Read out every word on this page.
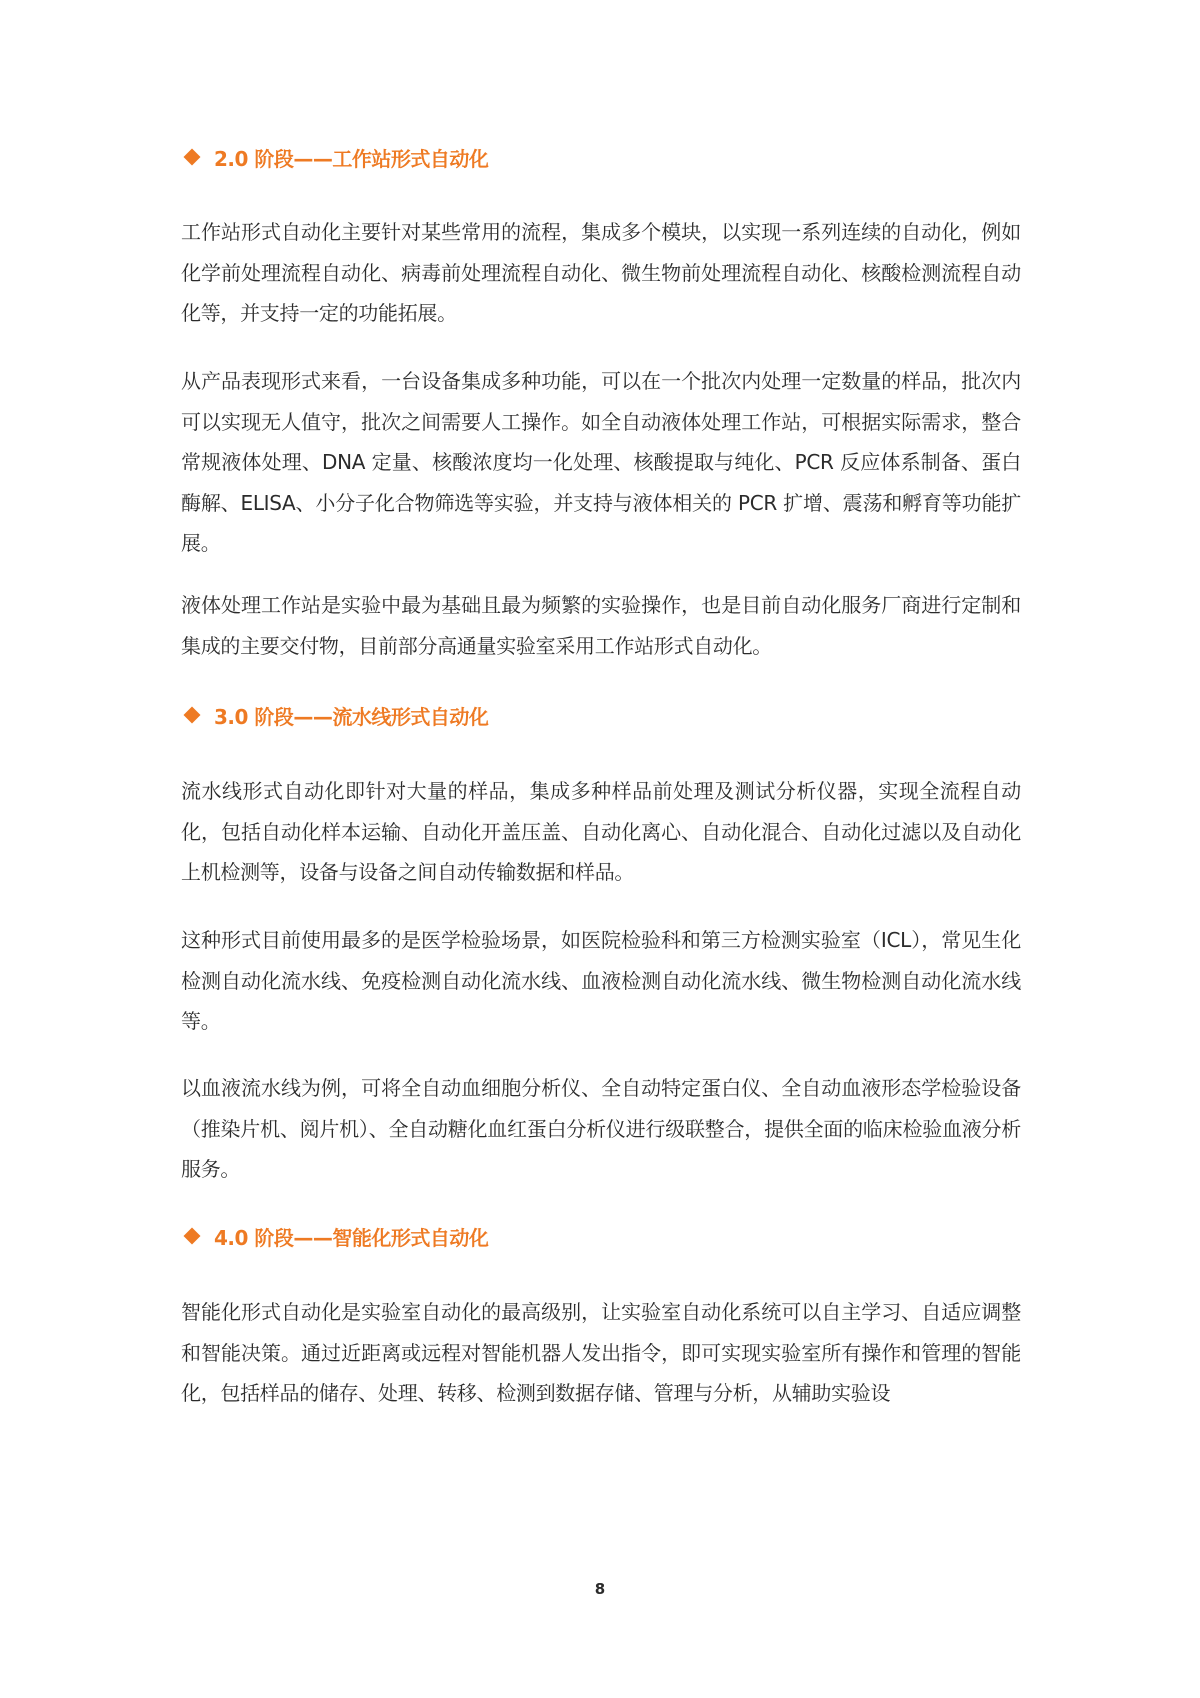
2.0 阶段——工作站形式自动化

工作站形式自动化主要针对某些常用的流程，集成多个模块，以实现一系列连续的自动化，例如化学前处理流程自动化、病毒前处理流程自动化、微生物前处理流程自动化、核酸检测流程自动化等，并支持一定的功能拓展。

从产品表现形式来看，一台设备集成多种功能，可以在一个批次内处理一定数量的样品，批次内可以实现无人值守，批次之间需要人工操作。如全自动液体处理工作站，可根据实际需求，整合常规液体处理、DNA 定量、核酸浓度均一化处理、核酸提取与纯化、PCR 反应体系制备、蛋白酶解、ELISA、小分子化合物筛选等实验，并支持与液体相关的 PCR 扩增、震荡和孵育等功能扩展。

液体处理工作站是实验中最为基础且最为频繁的实验操作，也是目前自动化服务厂商进行定制和集成的主要交付物，目前部分高通量实验室采用工作站形式自动化。

3.0 阶段——流水线形式自动化

流水线形式自动化即针对大量的样品，集成多种样品前处理及测试分析仪器，实现全流程自动化，包括自动化样本运输、自动化开盖压盖、自动化离心、自动化混合、自动化过滤以及自动化上机检测等，设备与设备之间自动传输数据和样品。

这种形式目前使用最多的是医学检验场景，如医院检验科和第三方检测实验室（ICL），常见生化检测自动化流水线、免疫检测自动化流水线、血液检测自动化流水线、微生物检测自动化流水线等。

以血液流水线为例，可将全自动血细胞分析仪、全自动特定蛋白仪、全自动血液形态学检验设备（推染片机、阅片机）、全自动糖化血红蛋白分析仪进行级联整合，提供全面的临床检验血液分析服务。

4.0 阶段——智能化形式自动化

智能化形式自动化是实验室自动化的最高级别，让实验室自动化系统可以自主学习、自适应调整和智能决策。通过近距离或远程对智能机器人发出指令，即可实现实验室所有操作和管理的智能化，包括样品的储存、处理、转移、检测到数据存储、管理与分析，从辅助实验设

8
